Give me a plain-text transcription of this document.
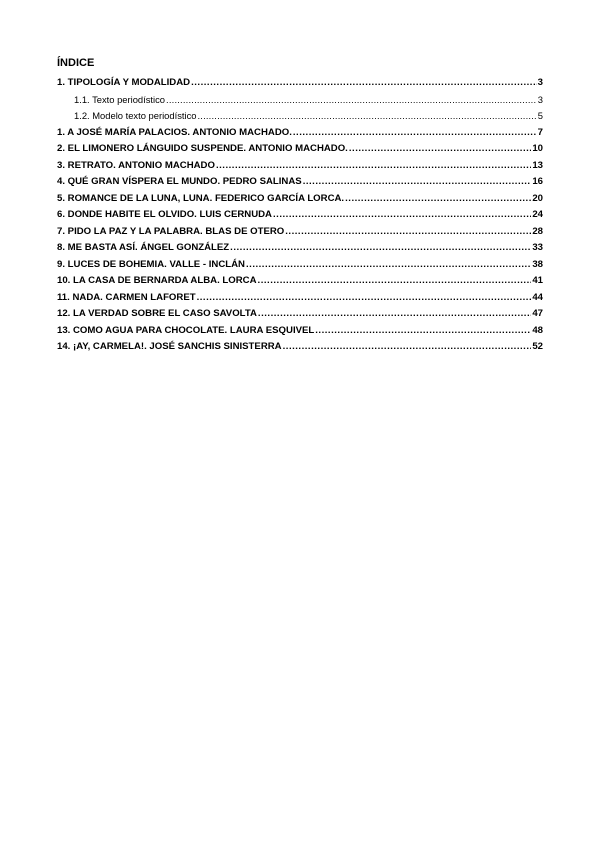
ÍNDICE
1. TIPOLOGÍA Y MODALIDAD .....	3
1.1. Texto periodístico .....	3
1.2. Modelo texto periodístico .....	5
1. A JOSÉ MARÍA PALACIOS. ANTONIO MACHADO. .....	7
2. EL LIMONERO LÁNGUIDO SUSPENDE. ANTONIO MACHADO. .....	10
3. RETRATO. ANTONIO MACHADO .....	13
4. QUÉ GRAN VÍSPERA EL MUNDO. PEDRO SALINAS .....	16
5. ROMANCE DE LA LUNA, LUNA. FEDERICO GARCÍA LORCA. .....	20
6. DONDE HABITE EL OLVIDO. LUIS CERNUDA .....	24
7. PIDO LA PAZ Y LA PALABRA. BLAS DE OTERO .....	28
8. ME BASTA ASÍ. ÁNGEL GONZÁLEZ .....	33
9. LUCES DE BOHEMIA. VALLE - INCLÁN .....	38
10. LA CASA DE BERNARDA ALBA. LORCA .....	41
11. NADA. CARMEN LAFORET .....	44
12. LA VERDAD SOBRE EL CASO SAVOLTA .....	47
13. COMO AGUA PARA CHOCOLATE. LAURA ESQUIVEL .....	48
14. ¡AY, CARMELA!. JOSÉ SANCHIS SINISTERRA .....	52
